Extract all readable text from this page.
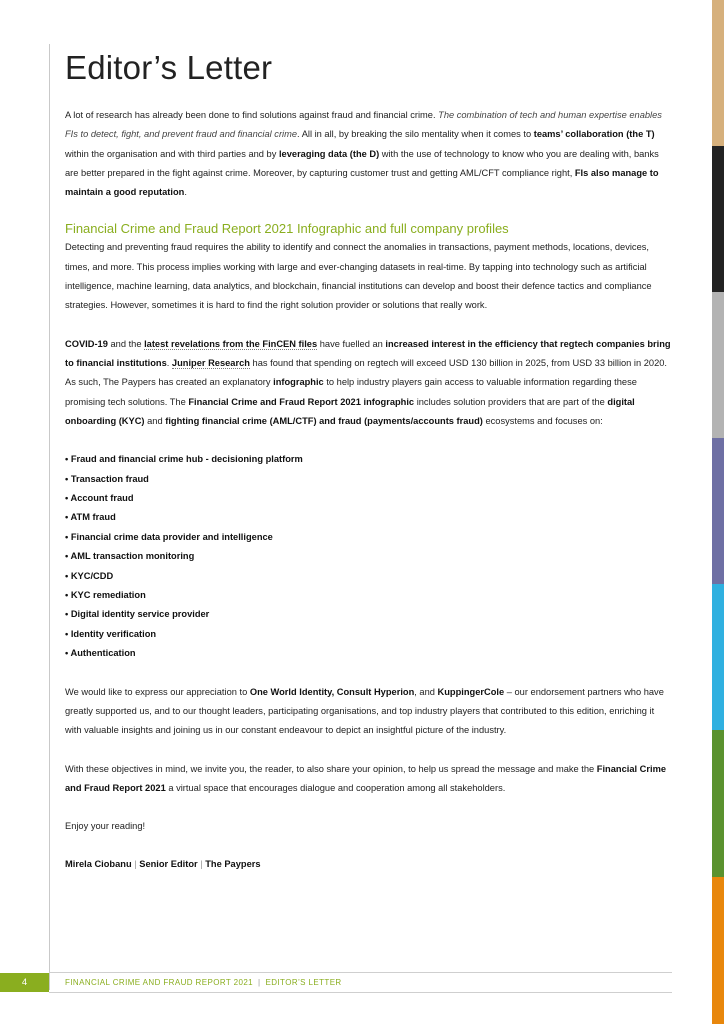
Editor’s Letter

A lot of research has already been done to find solutions against fraud and financial crime. The combination of tech and human expertise enables FIs to detect, fight, and prevent fraud and financial crime. All in all, by breaking the silo mentality when it comes to teams’ collaboration (the T) within the organisation and with third parties and by leveraging data (the D) with the use of technology to know who you are dealing with, banks are better prepared in the fight against crime. Moreover, by capturing customer trust and getting AML/CFT compliance right, FIs also manage to maintain a good reputation.

Financial Crime and Fraud Report 2021 Infographic and full company profiles

Detecting and preventing fraud requires the ability to identify and connect the anomalies in transactions, payment methods, locations, devices, times, and more. This process implies working with large and ever-changing datasets in real-time. By tapping into technology such as artificial intelligence, machine learning, data analytics, and blockchain, financial institutions can develop and boost their defence tactics and compliance strategies. However, sometimes it is hard to find the right solution provider or solutions that really work.

COVID-19 and the latest revelations from the FinCEN files have fuelled an increased interest in the efficiency that regtech companies bring to financial institutions. Juniper Research has found that spending on regtech will exceed USD 130 billion in 2025, from USD 33 billion in 2020. As such, The Paypers has created an explanatory infographic to help industry players gain access to valuable information regarding these promising tech solutions. The Financial Crime and Fraud Report 2021 infographic includes solution providers that are part of the digital onboarding (KYC) and fighting financial crime (AML/CTF) and fraud (payments/accounts fraud) ecosystems and focuses on:

• Fraud and financial crime hub - decisioning platform
• Transaction fraud
• Account fraud
• ATM fraud
• Financial crime data provider and intelligence
• AML transaction monitoring
• KYC/CDD
• KYC remediation
• Digital identity service provider
• Identity verification
• Authentication

We would like to express our appreciation to One World Identity, Consult Hyperion, and KuppingerCole – our endorsement partners who have greatly supported us, and to our thought leaders, participating organisations, and top industry players that contributed to this edition, enriching it with valuable insights and joining us in our constant endeavour to depict an insightful picture of the industry.

With these objectives in mind, we invite you, the reader, to also share your opinion, to help us spread the message and make the Financial Crime and Fraud Report 2021 a virtual space that encourages dialogue and cooperation among all stakeholders.

Enjoy your reading!

Mirela Ciobanu | Senior Editor | The Paypers

4	FINANCIAL CRIME AND FRAUD REPORT 2021 | EDITOR’S LETTER
